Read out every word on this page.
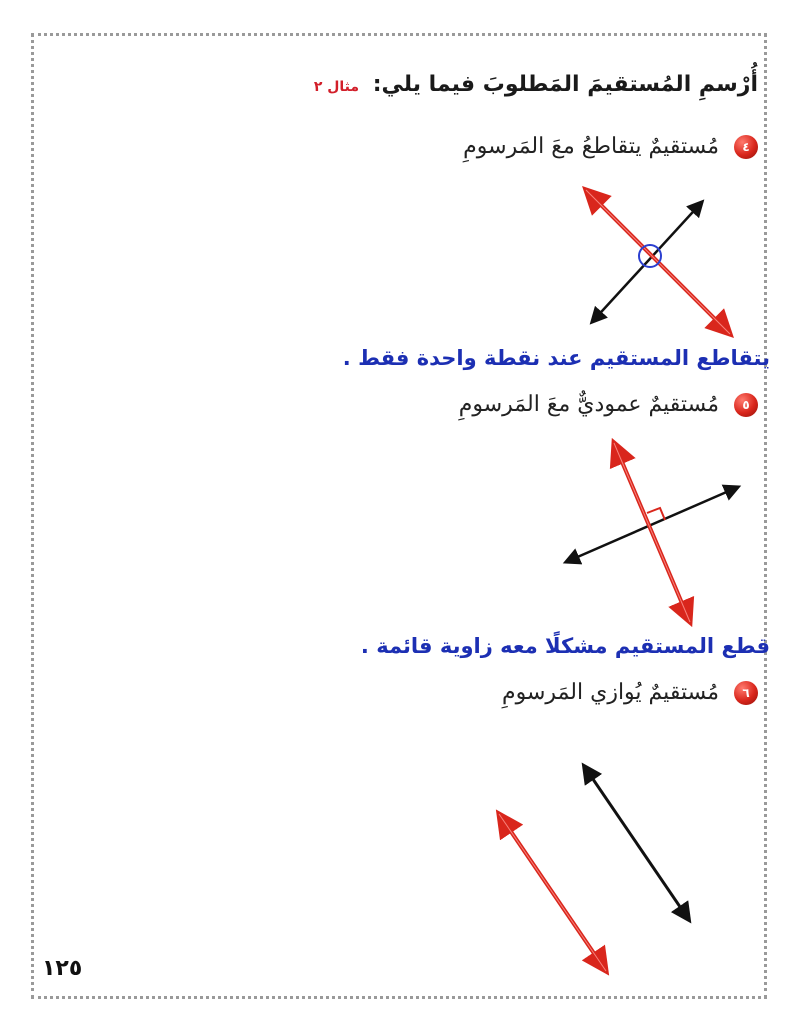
أُرْسمِ المُستقيمَ المَطلوبَ فيما يلي: مثال ٢
٤ مُستقيمٌ يتقاطعُ معَ المَرسومِ
يتقاطع المستقيم عند نقطة واحدة فقط .
٥ مُستقيمٌ عموديٌّ معَ المَرسومِ
قطع المستقيم مشكلًا معه زاوية قائمة .
٦ مُستقيمٌ يُوازي المَرسومِ
١٢٥
